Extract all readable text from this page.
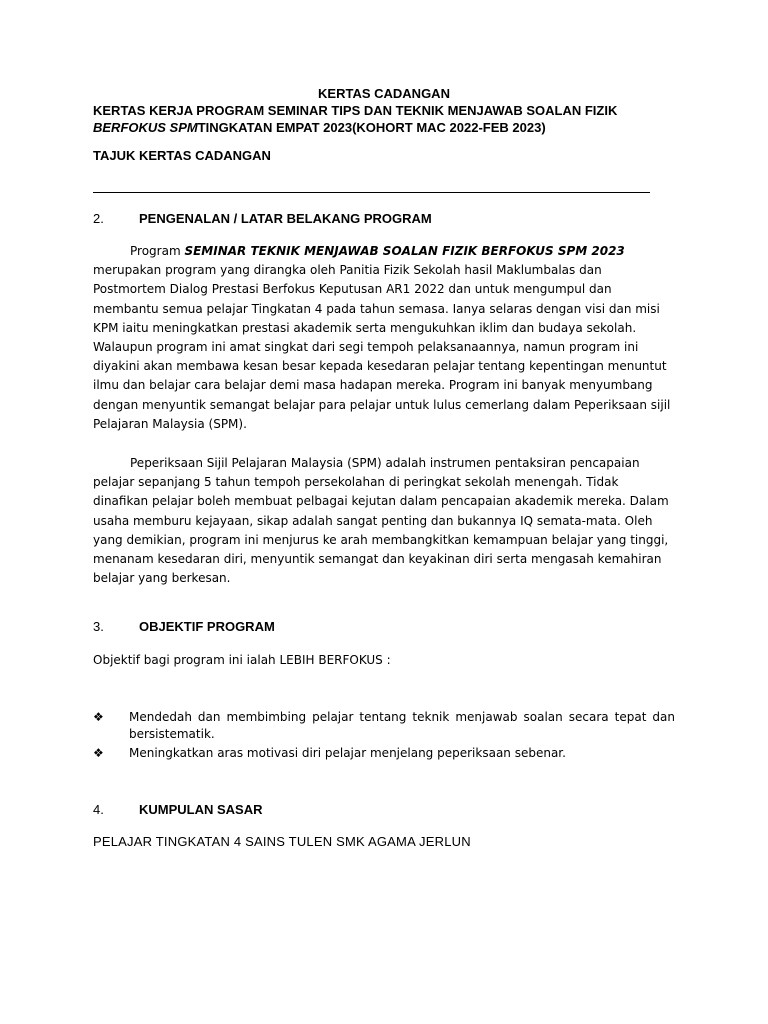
KERTAS CADANGAN
KERTAS KERJA PROGRAM SEMINAR TIPS DAN TEKNIK MENJAWAB SOALAN FIZIK
BERFOKUS SPMTINGKATAN EMPAT 2023(KOHORT MAC 2022-FEB 2023)
TAJUK KERTAS CADANGAN
2.	PENGENALAN / LATAR BELAKANG PROGRAM
Program SEMINAR TEKNIK MENJAWAB SOALAN FIZIK BERFOKUS SPM 2023 merupakan program yang dirangka oleh Panitia Fizik Sekolah hasil Maklumbalas dan Postmortem Dialog Prestasi Berfokus Keputusan AR1 2022 dan untuk mengumpul dan membantu semua pelajar Tingkatan 4 pada tahun semasa. Ianya selaras dengan visi dan misi KPM iaitu meningkatkan prestasi akademik serta mengukuhkan iklim dan budaya sekolah. Walaupun program ini amat singkat dari segi tempoh pelaksanaannya, namun program ini diyakini akan membawa kesan besar kepada kesedaran pelajar tentang kepentingan menuntut ilmu dan belajar cara belajar demi masa hadapan mereka. Program ini banyak menyumbang dengan menyuntik semangat belajar para pelajar untuk lulus cemerlang dalam Peperiksaan sijil Pelajaran Malaysia (SPM).
Peperiksaan Sijil Pelajaran Malaysia (SPM) adalah instrumen pentaksiran pencapaian pelajar sepanjang 5 tahun tempoh persekolahan di peringkat sekolah menengah. Tidak dinafikan pelajar boleh membuat pelbagai kejutan dalam pencapaian akademik mereka. Dalam usaha memburu kejayaan, sikap adalah sangat penting dan bukannya IQ semata-mata. Oleh yang demikian, program ini menjurus ke arah membangkitkan kemampuan belajar yang tinggi, menanam kesedaran diri, menyuntik semangat dan keyakinan diri serta mengasah kemahiran belajar yang berkesan.
3.	OBJEKTIF PROGRAM
Objektif bagi program ini ialah LEBIH BERFOKUS :
❖	Mendedah dan membimbing pelajar tentang teknik menjawab soalan secara tepat dan bersistematik.
❖	Meningkatkan aras motivasi diri pelajar menjelang peperiksaan sebenar.
4.	KUMPULAN SASAR
PELAJAR TINGKATAN 4 SAINS TULEN SMK AGAMA JERLUN
